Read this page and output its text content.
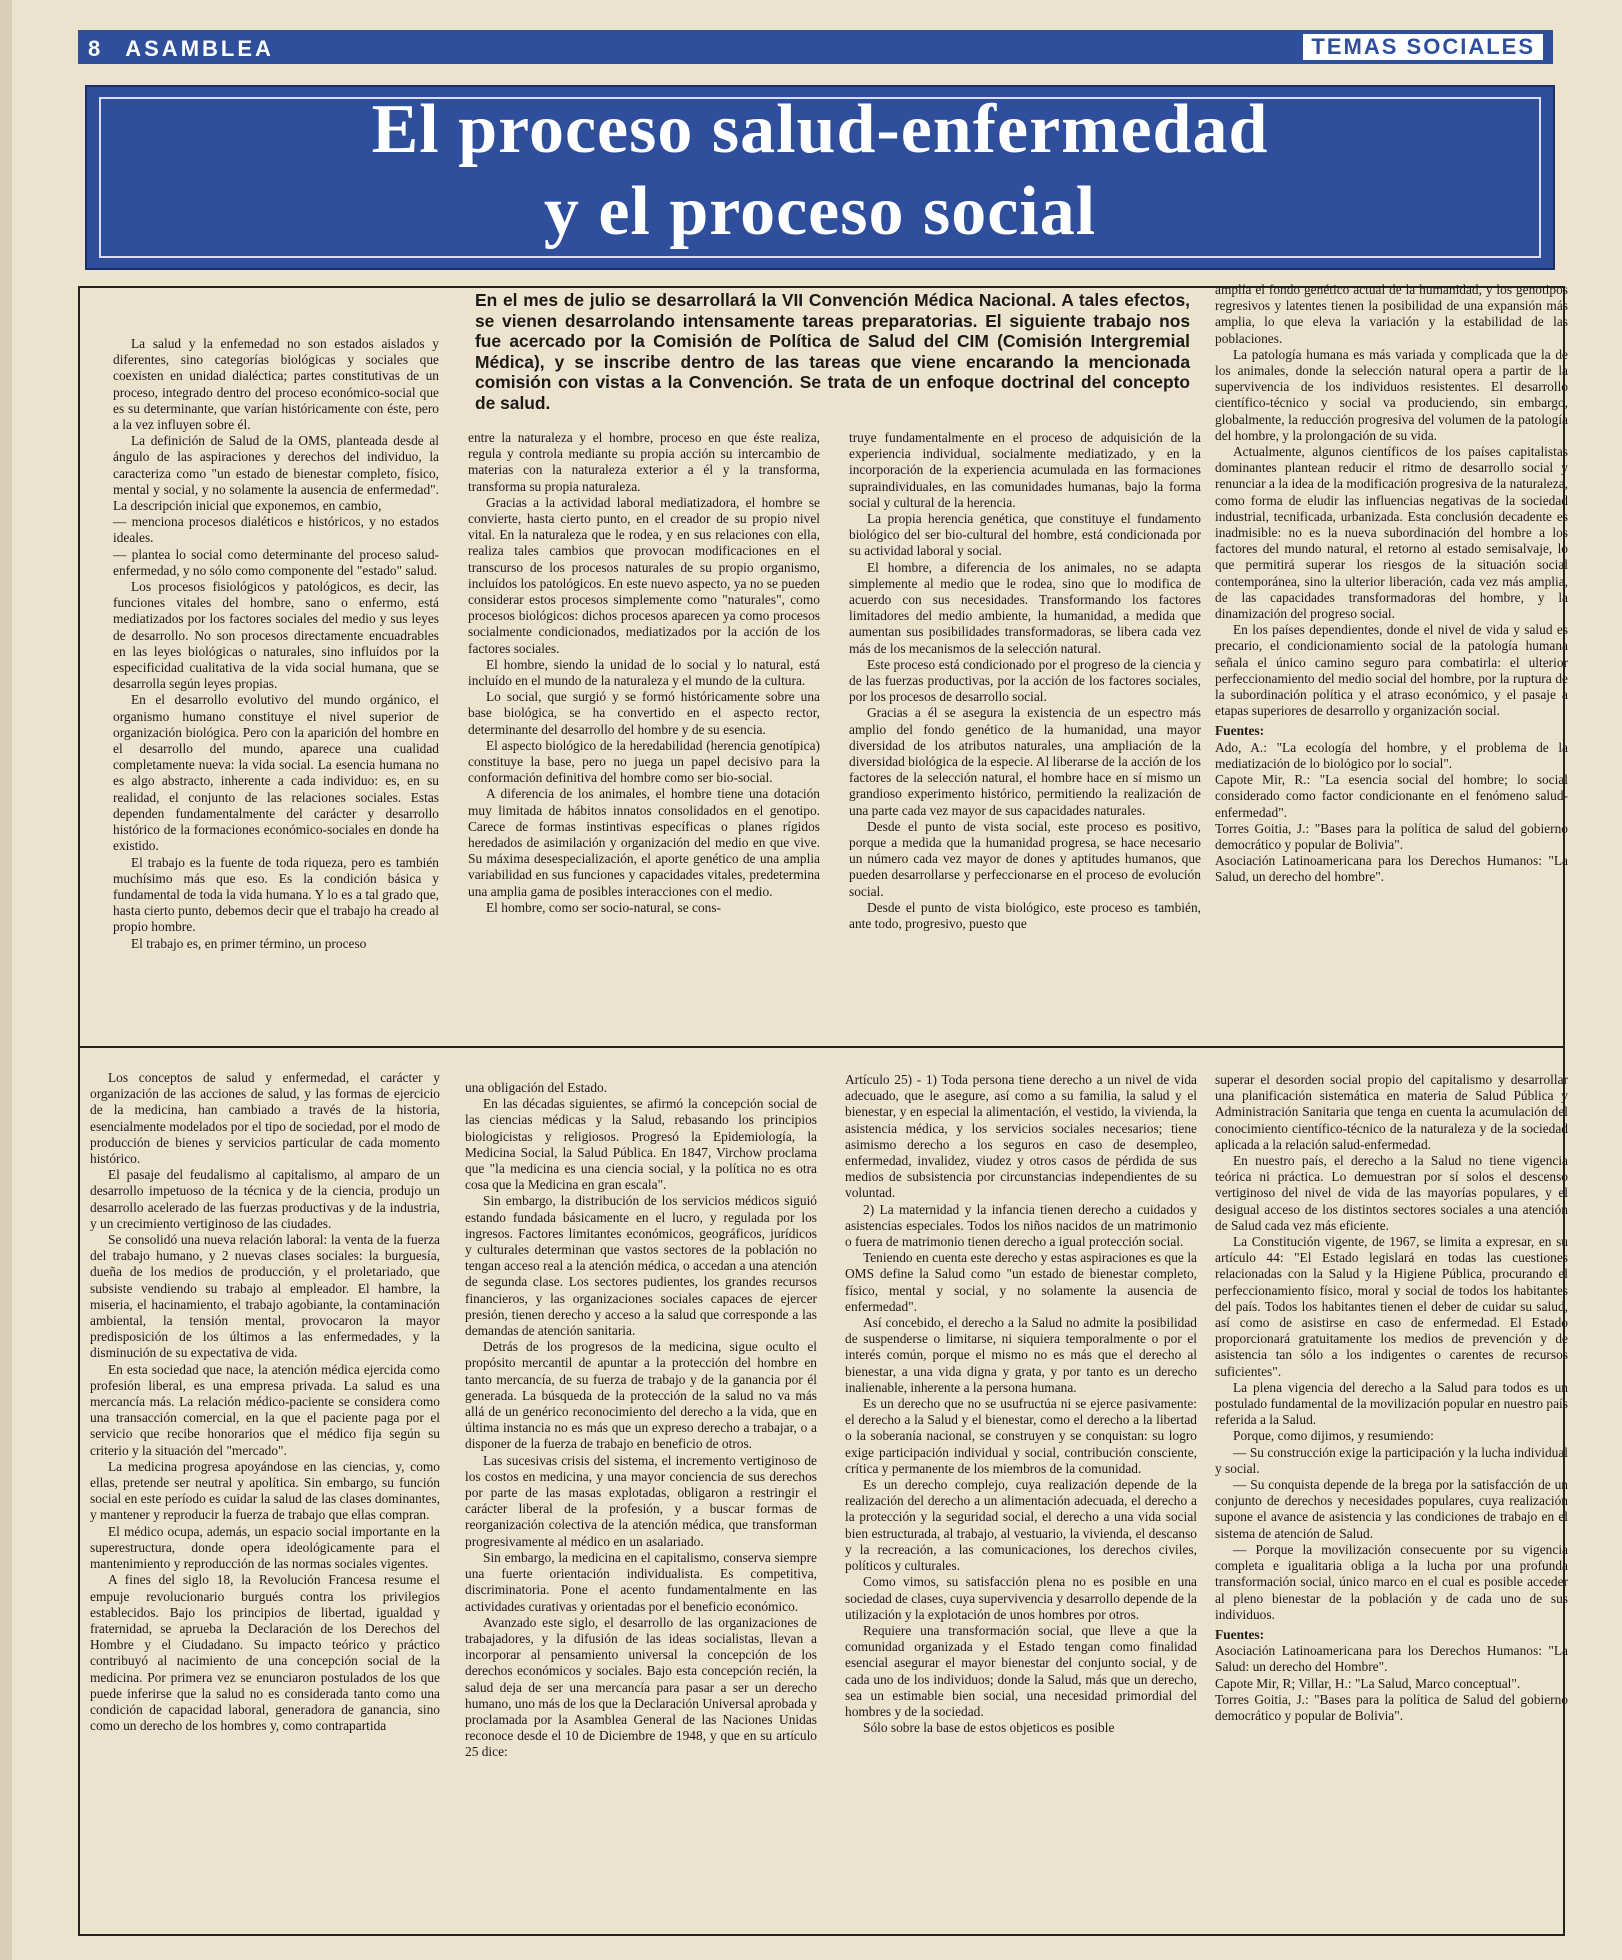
8 ASAMBLEA	TEMAS SOCIALES
El proceso salud-enfermedad
y el proceso social
En el mes de julio se desarrollará la VII Convención Médica Nacional. A tales efectos, se vienen desarrolando intensamente tareas preparatorias. El siguiente trabajo nos fue acercado por la Comisión de Política de Salud del CIM (Comisión Intergremial Médica), y se inscribe dentro de las tareas que viene encarando la mencionada comisión con vistas a la Convención. Se trata de un enfoque doctrinal del concepto de salud.

La salud y la enfemedad no son estados aislados y diferentes, sino categorías biológicas y sociales que coexisten en unidad dialéctica; partes constitutivas de un proceso, integrado dentro del proceso económico-social que es su determinante, que varían históricamente con éste, pero a la vez influyen sobre él.

La definición de Salud de la OMS, planteada desde al ángulo de las aspiraciones y derechos del individuo, la caracteriza como "un estado de bienestar completo, físico, mental y social, y no solamente la ausencia de enfermedad". La descripción inicial que exponemos, en cambio,

— menciona procesos dialéticos e históricos, y no estados ideales.

— plantea lo social como determinante del proceso salud-enfermedad, y no sólo como componente del "estado" salud.

Los procesos fisiológicos y patológicos, es decir, las funciones vitales del hombre, sano o enfermo, está mediatizados por los factores sociales del medio y sus leyes de desarrollo. No son procesos directamente encuadrables en las leyes biológicas o naturales, sino influídos por la especificidad cualitativa de la vida social humana, que se desarrolla según leyes propias.

En el desarrollo evolutivo del mundo orgánico, el organismo humano constituye el nivel superior de organización biológica. Pero con la aparición del hombre en el desarrollo del mundo, aparece una cualidad completamente nueva: la vida social. La esencia humana no es algo abstracto, inherente a cada individuo: es, en su realidad, el conjunto de las relaciones sociales. Estas dependen fundamentalmente del carácter y desarrollo histórico de la formaciones económico-sociales en donde ha existido.

El trabajo es la fuente de toda riqueza, pero es también muchísimo más que eso. Es la condición básica y fundamental de toda la vida humana. Y lo es a tal grado que, hasta cierto punto, debemos decir que el trabajo ha creado al propio hombre.

El trabajo es, en primer término, un proceso

entre la naturaleza y el hombre, proceso en que éste realiza, regula y controla mediante su propia acción su intercambio de materias con la naturaleza exterior a él y la transforma, transforma su propia naturaleza.

Gracias a la actividad laboral mediatizadora, el hombre se convierte, hasta cierto punto, en el creador de su propio nivel vital. En la naturaleza que le rodea, y en sus relaciones con ella, realiza tales cambios que provocan modificaciones en el transcurso de los procesos naturales de su propio organismo, incluídos los patológicos. En este nuevo aspecto, ya no se pueden considerar estos procesos simplemente como "naturales", como procesos biológicos: dichos procesos aparecen ya como procesos socialmente condicionados, mediatizados por la acción de los factores sociales.

El hombre, siendo la unidad de lo social y lo natural, está incluído en el mundo de la naturaleza y el mundo de la cultura.

Lo social, que surgió y se formó históricamente sobre una base biológica, se ha convertido en el aspecto rector, determinante del desarrollo del hombre y de su esencia.

El aspecto biológico de la heredabilidad (herencia genotípica) constituye la base, pero no juega un papel decisivo para la conformación definitiva del hombre como ser bio-social.

A diferencia de los animales, el hombre tiene una dotación muy limitada de hábitos innatos consolidados en el genotipo. Carece de formas instintivas específicas o planes rígidos heredados de asimilación y organización del medio en que vive. Su máxima desespecialización, el aporte genético de una amplia variabilidad en sus funciones y capacidades vitales, predetermina una amplia gama de posibles interacciones con el medio.

El hombre, como ser socio-natural, se cons-

truye fundamentalmente en el proceso de adquisición de la experiencia individual, socialmente mediatizado, y en la incorporación de la experiencia acumulada en las formaciones supraindividuales, en las comunidades humanas, bajo la forma social y cultural de la herencia.

La propia herencia genética, que constituye el fundamento biológico del ser bio-cultural del hombre, está condicionada por su actividad laboral y social.

El hombre, a diferencia de los animales, no se adapta simplemente al medio que le rodea, sino que lo modifica de acuerdo con sus necesidades. Transformando los factores limitadores del medio ambiente, la humanidad, a medida que aumentan sus posibilidades transformadoras, se libera cada vez más de los mecanismos de la selección natural.

Este proceso está condicionado por el progreso de la ciencia y de las fuerzas productivas, por la acción de los factores sociales, por los procesos de desarrollo social.

Gracias a él se asegura la existencia de un espectro más amplio del fondo genético de la humanidad, una mayor diversidad de los atributos naturales, una ampliación de la diversidad biológica de la especie. Al liberarse de la acción de los factores de la selección natural, el hombre hace en sí mismo un grandioso experimento histórico, permitiendo la realización de una parte cada vez mayor de sus capacidades naturales.

Desde el punto de vista social, este proceso es positivo, porque a medida que la humanidad progresa, se hace necesario un número cada vez mayor de dones y aptitudes humanos, que pueden desarrollarse y perfeccionarse en el proceso de evolución social.

Desde el punto de vista biológico, este proceso es también, ante todo, progresivo, puesto que

amplía el fondo genético actual de la humanidad, y los genotipos regresivos y latentes tienen la posibilidad de una expansión más amplia, lo que eleva la variación y la estabilidad de las poblaciones.

La patología humana es más variada y complicada que la de los animales, donde la selección natural opera a partir de la supervivencia de los individuos resistentes. El desarrollo científico-técnico y social va produciendo, sin embargo, globalmente, la reducción progresiva del volumen de la patología del hombre, y la prolongación de su vida.

Actualmente, algunos científicos de los países capitalistas dominantes plantean reducir el ritmo de desarrollo social y renunciar a la idea de la modificación progresiva de la naturaleza, como forma de eludir las influencias negativas de la sociedad industrial, tecnificada, urbanizada. Esta conclusión decadente es inadmisible: no es la nueva subordinación del hombre a los factores del mundo natural, el retorno al estado semisalvaje, lo que permitirá superar los riesgos de la situación social contemporánea, sino la ulterior liberación, cada vez más amplia, de las capacidades transformadoras del hombre, y la dinamización del progreso social.

En los países dependientes, donde el nivel de vida y salud es precario, el condicionamiento social de la patología humana señala el único camino seguro para combatirla: el ulterior perfeccionamiento del medio social del hombre, por la ruptura de la subordinación política y el atraso económico, y el pasaje a etapas superiores de desarrollo y organización social.

Fuentes:

Ado, A.: "La ecología del hombre, y el problema de la mediatización de lo biológico por lo social".

Capote Mir, R.: "La esencia social del hombre; lo social considerado como factor condicionante en el fenómeno salud-enfermedad".

Torres Goitia, J.: "Bases para la política de salud del gobierno democrático y popular de Bolivia".

Asociación Latinoamericana para los Derechos Humanos: "La Salud, un derecho del hombre".

Los conceptos de salud y enfermedad, el carácter y organización de las acciones de salud, y las formas de ejercicio de la medicina, han cambiado a través de la historia, esencialmente modelados por el tipo de sociedad, por el modo de producción de bienes y servicios particular de cada momento histórico.

El pasaje del feudalismo al capitalismo, al amparo de un desarrollo impetuoso de la técnica y de la ciencia, produjo un desarrollo acelerado de las fuerzas productivas y de la industria, y un crecimiento vertiginoso de las ciudades.

Se consolidó una nueva relación laboral: la venta de la fuerza del trabajo humano, y 2 nuevas clases sociales: la burguesía, dueña de los medios de producción, y el proletariado, que subsiste vendiendo su trabajo al empleador. El hambre, la miseria, el hacinamiento, el trabajo agobiante, la contaminación ambiental, la tensión mental, provocaron la mayor predisposición de los últimos a las enfermedades, y la disminución de su expectativa de vida.

En esta sociedad que nace, la atención médica ejercida como profesión liberal, es una empresa privada. La salud es una mercancía más. La relación médico-paciente se considera como una transacción comercial, en la que el paciente paga por el servicio que recibe honorarios que el médico fija según su criterio y la situación del "mercado".

La medicina progresa apoyándose en las ciencias, y, como ellas, pretende ser neutral y apolítica. Sin embargo, su función social en este período es cuidar la salud de las clases dominantes, y mantener y reproducir la fuerza de trabajo que ellas compran.

El médico ocupa, además, un espacio social importante en la superestructura, donde opera ideológicamente para el mantenimiento y reproducción de las normas sociales vigentes.

A fines del siglo 18, la Revolución Francesa resume el empuje revolucionario burgués contra los privilegios establecidos. Bajo los principios de libertad, igualdad y fraternidad, se aprueba la Declaración de los Derechos del Hombre y el Ciudadano. Su impacto teórico y práctico contribuyó al nacimiento de una concepción social de la medicina. Por primera vez se enunciaron postulados de los que puede inferirse que la salud no es considerada tanto como una condición de capacidad laboral, generadora de ganancia, sino como un derecho de los hombres y, como contrapartida

una obligación del Estado.

En las décadas siguientes, se afirmó la concepción social de las ciencias médicas y la Salud, rebasando los principios biologicistas y religiosos. Progresó la Epidemiología, la Medicina Social, la Salud Pública. En 1847, Virchow proclama que "la medicina es una ciencia social, y la política no es otra cosa que la Medicina en gran escala".

Sin embargo, la distribución de los servicios médicos siguió estando fundada básicamente en el lucro, y regulada por los ingresos. Factores limitantes económicos, geográficos, jurídicos y culturales determinan que vastos sectores de la población no tengan acceso real a la atención médica, o accedan a una atención de segunda clase. Los sectores pudientes, los grandes recursos financieros, y las organizaciones sociales capaces de ejercer presión, tienen derecho y acceso a la salud que corresponde a las demandas de atención sanitaria.

Detrás de los progresos de la medicina, sigue oculto el propósito mercantil de apuntar a la protección del hombre en tanto mercancía, de su fuerza de trabajo y de la ganancia por él generada. La búsqueda de la protección de la salud no va más allá de un genérico reconocimiento del derecho a la vida, que en última instancia no es más que un expreso derecho a trabajar, o a disponer de la fuerza de trabajo en beneficio de otros.

Las sucesivas crisis del sistema, el incremento vertiginoso de los costos en medicina, y una mayor conciencia de sus derechos por parte de las masas explotadas, obligaron a restringir el carácter liberal de la profesión, y a buscar formas de reorganización colectiva de la atención médica, que transforman progresivamente al médico en un asalariado.

Sin embargo, la medicina en el capitalismo, conserva siempre una fuerte orientación individualista. Es competitiva, discriminatoria. Pone el acento fundamentalmente en las actividades curativas y orientadas por el beneficio económico.

Avanzado este siglo, el desarrollo de las organizaciones de trabajadores, y la difusión de las ideas socialistas, llevan a incorporar al pensamiento universal la concepción de los derechos económicos y sociales. Bajo esta concepción recién, la salud deja de ser una mercancía para pasar a ser un derecho humano, uno más de los que la Declaración Universal aprobada y proclamada por la Asamblea General de las Naciones Unidas reconoce desde el 10 de Diciembre de 1948, y que en su artículo 25 dice:

Artículo 25) - 1) Toda persona tiene derecho a un nivel de vida adecuado, que le asegure, así como a su familia, la salud y el bienestar, y en especial la alimentación, el vestido, la vivienda, la asistencia médica, y los servicios sociales necesarios; tiene asimismo derecho a los seguros en caso de desempleo, enfermedad, invalidez, viudez y otros casos de pérdida de sus medios de subsistencia por circunstancias independientes de su voluntad.

2) La maternidad y la infancia tienen derecho a cuidados y asistencias especiales. Todos los niños nacidos de un matrimonio o fuera de matrimonio tienen derecho a igual protección social.

Teniendo en cuenta este derecho y estas aspiraciones es que la OMS define la Salud como "un estado de bienestar completo, físico, mental y social, y no solamente la ausencia de enfermedad".

Así concebido, el derecho a la Salud no admite la posibilidad de suspenderse o limitarse, ni siquiera temporalmente o por el interés común, porque el mismo no es más que el derecho al bienestar, a una vida digna y grata, y por tanto es un derecho inalienable, inherente a la persona humana.

Es un derecho que no se usufructúa ni se ejerce pasivamente: el derecho a la Salud y el bienestar, como el derecho a la libertad o la soberanía nacional, se construyen y se conquistan: su logro exige participación individual y social, contribución consciente, crítica y permanente de los miembros de la comunidad.

Es un derecho complejo, cuya realización depende de la realización del derecho a un alimentación adecuada, el derecho a la protección y la seguridad social, el derecho a una vida social bien estructurada, al trabajo, al vestuario, la vivienda, el descanso y la recreación, a las comunicaciones, los derechos civiles, políticos y culturales.

Como vimos, su satisfacción plena no es posible en una sociedad de clases, cuya supervivencia y desarrollo depende de la utilización y la explotación de unos hombres por otros.

Requiere una transformación social, que lleve a que la comunidad organizada y el Estado tengan como finalidad esencial asegurar el mayor bienestar del conjunto social, y de cada uno de los individuos; donde la Salud, más que un derecho, sea un estimable bien social, una necesidad primordial del hombres y de la sociedad.

Sólo sobre la base de estos objeticos es posible

superar el desorden social propio del capitalismo y desarrollar una planificación sistemática en materia de Salud Pública y Administración Sanitaria que tenga en cuenta la acumulación del conocimiento científico-técnico de la naturaleza y de la sociedad aplicada a la relación salud-enfermedad.

En nuestro país, el derecho a la Salud no tiene vigencia teórica ni práctica. Lo demuestran por sí solos el descenso vertiginoso del nivel de vida de las mayorías populares, y el desigual acceso de los distintos sectores sociales a una atención de Salud cada vez más eficiente.

La Constitución vigente, de 1967, se limita a expresar, en su artículo 44: "El Estado legislará en todas las cuestiones relacionadas con la Salud y la Higiene Pública, procurando el perfeccionamiento físico, moral y social de todos los habitantes del país. Todos los habitantes tienen el deber de cuidar su salud, así como de asistirse en caso de enfermedad. El Estado proporcionará gratuitamente los medios de prevención y de asistencia tan sólo a los indigentes o carentes de recursos suficientes".

La plena vigencia del derecho a la Salud para todos es un postulado fundamental de la movilización popular en nuestro país referida a la Salud.

Porque, como dijimos, y resumiendo:

— Su construcción exige la participación y la lucha individual y social.

— Su conquista depende de la brega por la satisfacción de un conjunto de derechos y necesidades populares, cuya realización supone el avance de asistencia y las condiciones de trabajo en el sistema de atención de Salud.

— Porque la movilización consecuente por su vigencia completa e igualitaria obliga a la lucha por una profunda transformación social, único marco en el cual es posible acceder al pleno bienestar de la población y de cada uno de sus individuos.

Fuentes:

Asociación Latinoamericana para los Derechos Humanos: "La Salud: un derecho del Hombre".

Capote Mir, R; Villar, H.: "La Salud, Marco conceptual".

Torres Goitia, J.: "Bases para la política de Salud del gobierno democrático y popular de Bolivia".
